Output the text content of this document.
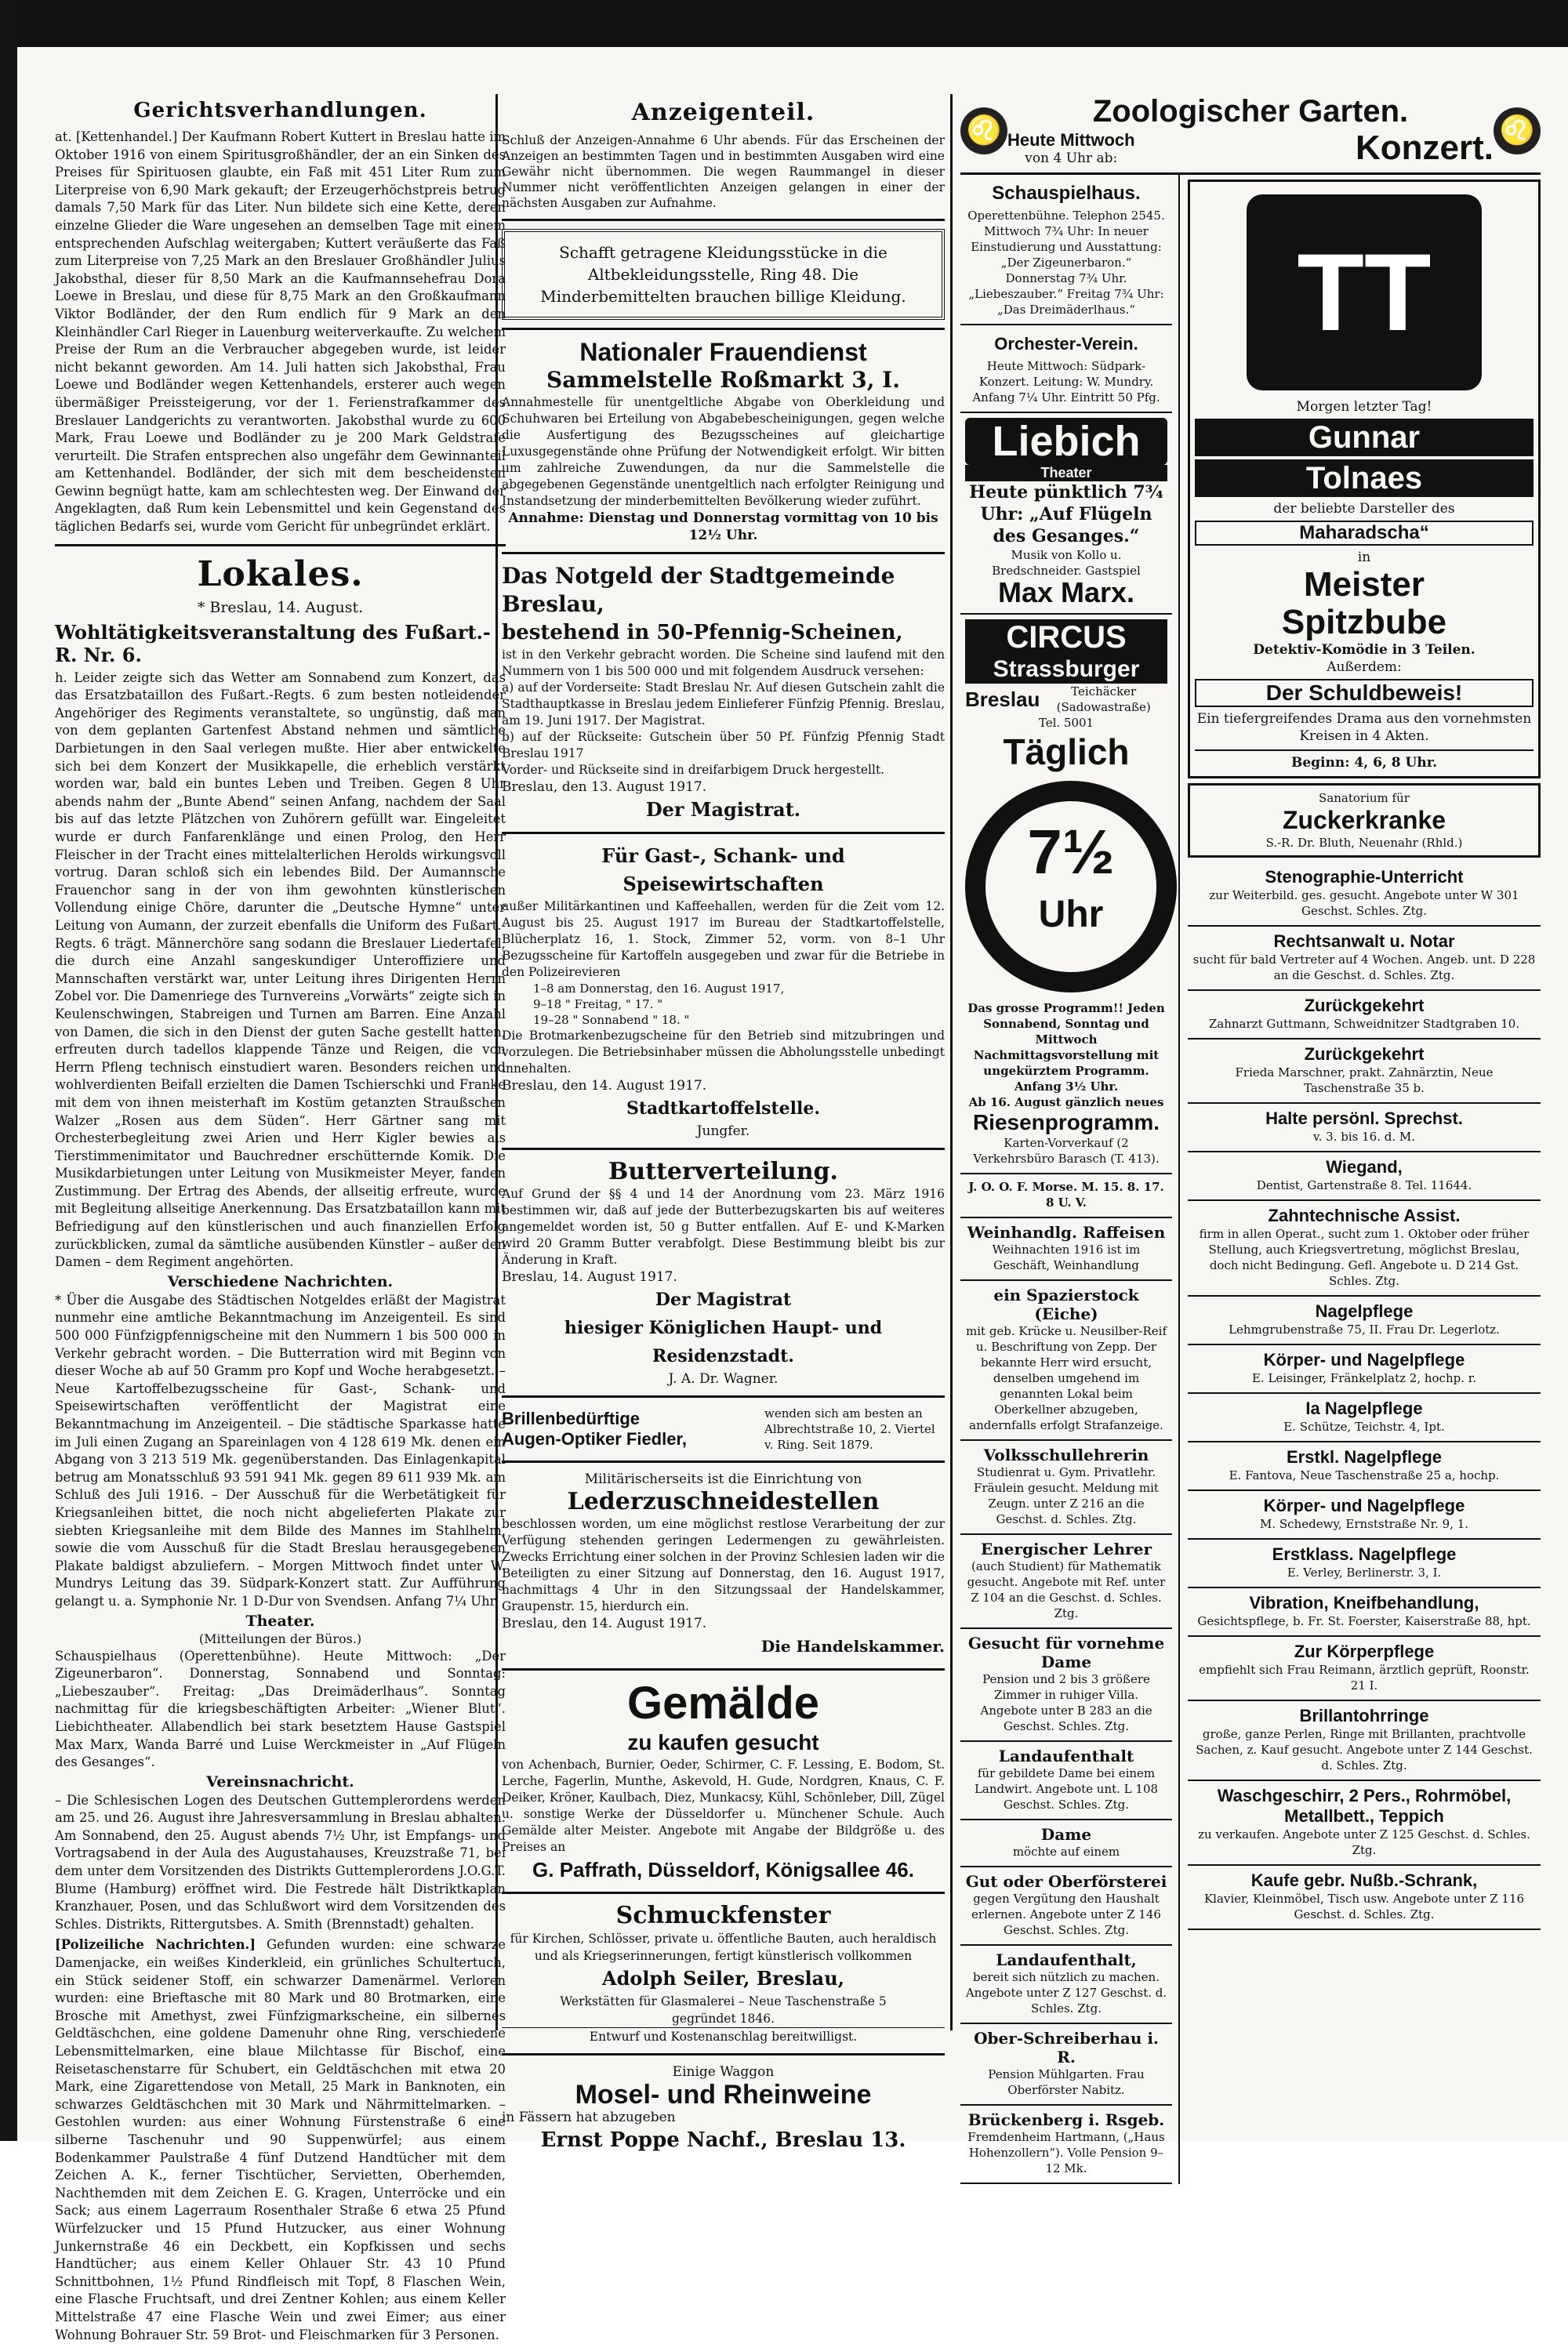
Gerichtsverhandlungen.

at. [Kettenhandel.] Der Kaufmann Robert Kuttert in Breslau hatte im Oktober 1916 von einem Spiritusgroßhändler, der an ein Sinken des Preises für Spirituosen glaubte, ein Faß mit 451 Liter Rum zum Literpreise von 6,90 Mark gekauft; der Erzeugerhöchstpreis betrug damals 7,50 Mark für das Liter. Nun bildete sich eine Kette, deren einzelne Glieder die Ware ungesehen an demselben Tage mit einem entsprechenden Aufschlag weitergaben; Kuttert veräußerte das Faß zum Literpreise von 7,25 Mark an den Breslauer Großhändler Julius Jakobsthal, dieser für 8,50 Mark an die Kaufmannsehefrau Dora Loewe in Breslau, und diese für 8,75 Mark an den Großkaufmann Viktor Bodländer, der den Rum endlich für 9 Mark an den Kleinhändler Carl Rieger in Lauenburg weiterverkaufte. Zu welchem Preise der Rum an die Verbraucher abgegeben wurde, ist leider nicht bekannt geworden. Am 14. Juli hatten sich Jakobsthal, Frau Loewe und Bodländer wegen Kettenhandels, ersterer auch wegen übermäßiger Preissteigerung, vor der 1. Ferienstrafkammer des Breslauer Landgerichts zu verantworten. Jakobsthal wurde zu 600 Mark, Frau Loewe und Bodländer zu je 200 Mark Geldstrafe verurteilt. Die Strafen entsprechen also ungefähr dem Gewinnanteil am Kettenhandel. Bodländer, der sich mit dem bescheidensten Gewinn begnügt hatte, kam am schlechtesten weg. Der Einwand der Angeklagten, daß Rum kein Lebensmittel und kein Gegenstand des täglichen Bedarfs sei, wurde vom Gericht für unbegründet erklärt.

Lokales.
* Breslau, 14. August.
Wohltätigkeitsveranstaltung des Fußart.-R. Nr. 6.

h. Leider zeigte sich das Wetter am Sonnabend zum Konzert, das das Ersatzbataillon des Fußart.-Regts. 6 zum besten notleidender Angehöriger des Regiments veranstaltete, so ungünstig, daß man von dem geplanten Gartenfest Abstand nehmen und sämtliche Darbietungen in den Saal verlegen mußte. Hier aber entwickelte sich bei dem Konzert der Musikkapelle, die erheblich verstärkt worden war, bald ein buntes Leben und Treiben. Gegen 8 Uhr abends nahm der „Bunte Abend“ seinen Anfang, nachdem der Saal bis auf das letzte Plätzchen von Zuhörern gefüllt war. Eingeleitet wurde er durch Fanfarenklänge und einen Prolog, den Herr Fleischer in der Tracht eines mittelalterlichen Herolds wirkungsvoll vortrug. Daran schloß sich ein lebendes Bild. Der Aumannsche Frauenchor sang in der von ihm gewohnten künstlerischen Vollendung einige Chöre, darunter die „Deutsche Hymne“ unter Leitung von Aumann, der zurzeit ebenfalls die Uniform des Fußart.-Regts. 6 trägt. Männerchöre sang sodann die Breslauer Liedertafel, die durch eine Anzahl sangeskundiger Unteroffiziere und Mannschaften verstärkt war, unter Leitung ihres Dirigenten Herrn Zobel vor. Die Damenriege des Turnvereins „Vorwärts“ zeigte sich in Keulenschwingen, Stabreigen und Turnen am Barren. Eine Anzahl von Damen, die sich in den Dienst der guten Sache gestellt hatten, erfreuten durch tadellos klappende Tänze und Reigen, die von Herrn Pfleng technisch einstudiert waren. Besonders reichen und wohlverdienten Beifall erzielten die Damen Tschierschki und Franke mit dem von ihnen meisterhaft im Kostüm getanzten Straußschen Walzer „Rosen aus dem Süden“. Herr Gärtner sang mit Orchesterbegleitung zwei Arien und Herr Kigler bewies als Tierstimmenimitator und Bauchredner erschütternde Komik. Die Musikdarbietungen unter Leitung von Musikmeister Meyer, fanden Zustimmung. Der Ertrag des Abends, der allseitig erfreute, wurde mit Begleitung allseitige Anerkennung. Das Ersatzbataillon kann mit Befriedigung auf den künstlerischen und auch finanziellen Erfolg zurückblicken, zumal da sämtliche ausübenden Künstler – außer den Damen – dem Regiment angehörten.

Verschiedene Nachrichten.

* Über die Ausgabe des Städtischen Notgeldes erläßt der Magistrat nunmehr eine amtliche Bekanntmachung im Anzeigenteil. Es sind 500 000 Fünfzigpfennigscheine mit den Nummern 1 bis 500 000 in Verkehr gebracht worden. – Die Butterration wird mit Beginn von dieser Woche ab auf 50 Gramm pro Kopf und Woche herabgesetzt. – Neue Kartoffelbezugsscheine für Gast-, Schank- und Speisewirtschaften veröffentlicht der Magistrat eine Bekanntmachung im Anzeigenteil. – Die städtische Sparkasse hatte im Juli einen Zugang an Spareinlagen von 4 128 619 Mk. denen ein Abgang von 3 213 519 Mk. gegenüberstanden. Das Einlagenkapital betrug am Monatsschluß 93 591 941 Mk. gegen 89 611 939 Mk. am Schluß des Juli 1916. – Der Ausschuß für die Werbetätigkeit für Kriegsanleihen bittet, die noch nicht abgelieferten Plakate zur siebten Kriegsanleihe mit dem Bilde des Mannes im Stahlhelm, sowie die vom Ausschuß für die Stadt Breslau herausgegebenen Plakate baldigst abzuliefern. – Morgen Mittwoch findet unter W. Mundrys Leitung das 39. Südpark-Konzert statt. Zur Aufführung gelangt u. a. Symphonie Nr. 1 D-Dur von Svendsen. Anfang 7¼ Uhr.

Theater.
(Mitteilungen der Büros.)

Schauspielhaus (Operettenbühne). Heute Mittwoch: „Der Zigeunerbaron“. Donnerstag, Sonnabend und Sonntag: „Liebeszauber“. Freitag: „Das Dreimäderlhaus“. Sonntag nachmittag für die kriegsbeschäftigten Arbeiter: „Wiener Blut“. Liebichtheater. Allabendlich bei stark besetztem Hause Gastspiel Max Marx, Wanda Barré und Luise Werckmeister in „Auf Flügeln des Gesanges“.

Vereinsnachricht.

– Die Schlesischen Logen des Deutschen Guttemplerordens werden am 25. und 26. August ihre Jahresversammlung in Breslau abhalten. Am Sonnabend, den 25. August abends 7½ Uhr, ist Empfangs- und Vortragsabend in der Aula des Augustahauses, Kreuzstraße 71, bei dem unter dem Vorsitzenden des Distrikts Guttemplerordens J.O.G.T. Blume (Hamburg) eröffnet wird. Die Festrede hält Distriktkaplan Kranzhauer, Posen, und das Schlußwort wird dem Vorsitzenden des Schles. Distrikts, Rittergutsbes. A. Smith (Brennstadt) gehalten.

[Polizeiliche Nachrichten.] Gefunden wurden: eine schwarze Damenjacke, ein weißes Kinderkleid, ein grünliches Schultertuch, ein Stück seidener Stoff, ein schwarzer Damenärmel. Verloren wurden: eine Brieftasche mit 80 Mark und 80 Brotmarken, eine Brosche mit Amethyst, zwei Fünfzigmarkscheine, ein silbernes Geldtäschchen, eine goldene Damenuhr ohne Ring, verschiedene Lebensmittelmarken, eine blaue Milchtasse für Bischof, eine Reisetaschenstarre für Schubert, ein Geldtäschchen mit etwa 20 Mark, eine Zigarettendose von Metall, 25 Mark in Banknoten, ein schwarzes Geldtäschchen mit 30 Mark und Nährmittelmarken. – Gestohlen wurden: aus einer Wohnung Fürstenstraße 6 eine silberne Taschenuhr und 90 Suppenwürfel; aus einem Bodenkammer Paulstraße 4 fünf Dutzend Handtücher mit dem Zeichen A. K., ferner Tischtücher, Servietten, Oberhemden, Nachthemden mit dem Zeichen E. G. Kragen, Unterröcke und ein Sack; aus einem Lagerraum Rosenthaler Straße 6 etwa 25 Pfund Würfelzucker und 15 Pfund Hutzucker, aus einer Wohnung Junkernstraße 46 ein Deckbett, ein Kopfkissen und sechs Handtücher; aus einem Keller Ohlauer Str. 43 10 Pfund Schnittbohnen, 1½ Pfund Rindfleisch mit Topf, 8 Flaschen Wein, eine Flasche Fruchtsaft, und drei Zentner Kohlen; aus einem Keller Mittelstraße 47 eine Flasche Wein und zwei Eimer; aus einer Wohnung Bohrauer Str. 59 Brot- und Fleischmarken für 3 Personen.

Anzeigenteil.

Schluß der Anzeigen-Annahme 6 Uhr abends. Für das Erscheinen der Anzeigen an bestimmten Tagen und in bestimmten Ausgaben wird eine Gewähr nicht übernommen. Die wegen Raummangel in dieser Nummer nicht veröffentlichten Anzeigen gelangen in einer der nächsten Ausgaben zur Aufnahme.

Schafft getragene Kleidungsstücke in die Altbekleidungsstelle, Ring 48. Die Minderbemittelten brauchen billige Kleidung.
Nationaler Frauendienst
Sammelstelle Roßmarkt 3, I.

Annahmestelle für unentgeltliche Abgabe von Oberkleidung und Schuhwaren bei Erteilung von Abgabebescheinigungen, gegen welche die Ausfertigung des Bezugsscheines auf gleichartige Luxusgegenstände ohne Prüfung der Notwendigkeit erfolgt. Wir bitten um zahlreiche Zuwendungen, da nur die Sammelstelle die abgegebenen Gegenstände unentgeltlich nach erfolgter Reinigung und Instandsetzung der minderbemittelten Bevölkerung wieder zuführt.

Annahme: Dienstag und Donnerstag vormittag von 10 bis 12½ Uhr.
Das Notgeld der Stadtgemeinde Breslau,
bestehend in 50-Pfennig-Scheinen,

ist in den Verkehr gebracht worden. Die Scheine sind laufend mit den Nummern von 1 bis 500 000 und mit folgendem Ausdruck versehen:

a) auf der Vorderseite: Stadt Breslau Nr. Auf diesen Gutschein zahlt die Stadthauptkasse in Breslau jedem Einlieferer Fünfzig Pfennig. Breslau, am 19. Juni 1917. Der Magistrat.

b) auf der Rückseite: Gutschein über 50 Pf. Fünfzig Pfennig Stadt Breslau 1917

Vorder- und Rückseite sind in dreifarbigem Druck hergestellt.

Breslau, den 13. August 1917.
Der Magistrat.
Für Gast-, Schank- und Speisewirtschaften

außer Militärkantinen und Kaffeehallen, werden für die Zeit vom 12. August bis 25. August 1917 im Bureau der Stadtkartoffelstelle, Blücherplatz 16, 1. Stock, Zimmer 52, vorm. von 8–1 Uhr Bezugsscheine für Kartoffeln ausgegeben und zwar für die Betriebe in den Polizeirevieren

1–8 am Donnerstag, den 16. August 1917,
9–18 " Freitag, " 17. "
19–28 " Sonnabend " 18. "

Die Brotmarkenbezugscheine für den Betrieb sind mitzubringen und vorzulegen. Die Betriebsinhaber müssen die Abholungsstelle unbedingt innehalten.

Breslau, den 14. August 1917.
Stadtkartoffelstelle.
Jungfer.
Butterverteilung.

Auf Grund der §§ 4 und 14 der Anordnung vom 23. März 1916 bestimmen wir, daß auf jede der Butterbezugskarten bis auf weiteres angemeldet worden ist, 50 g Butter entfallen. Auf E- und K-Marken wird 20 Gramm Butter verabfolgt. Diese Bestimmung bleibt bis zur Änderung in Kraft.

Breslau, 14. August 1917.
Der Magistrat
hiesiger Königlichen Haupt- und Residenzstadt.
J. A. Dr. Wagner.
Brillenbedürftige
Augen-Optiker Fiedler,
wenden sich am besten an Albrechtstraße 10, 2. Viertel v. Ring. Seit 1879.
Militärischerseits ist die Einrichtung von
Lederzuschneidestellen

beschlossen worden, um eine möglichst restlose Verarbeitung der zur Verfügung stehenden geringen Ledermengen zu gewährleisten. Zwecks Errichtung einer solchen in der Provinz Schlesien laden wir die Beteiligten zu einer Sitzung auf Donnerstag, den 16. August 1917, nachmittags 4 Uhr in den Sitzungssaal der Handelskammer, Graupenstr. 15, hierdurch ein.

Breslau, den 14. August 1917.
Die Handelskammer.
Gemälde
zu kaufen gesucht

von Achenbach, Burnier, Oeder, Schirmer, C. F. Lessing, E. Bodom, St. Lerche, Fagerlin, Munthe, Askevold, H. Gude, Nordgren, Knaus, C. F. Deiker, Kröner, Kaulbach, Diez, Munkacsy, Kühl, Schönleber, Dill, Zügel u. sonstige Werke der Düsseldorfer u. Münchener Schule. Auch Gemälde alter Meister. Angebote mit Angabe der Bildgröße u. des Preises an

G. Paffrath, Düsseldorf, Königsallee 46.
Schmuckfenster
für Kirchen, Schlösser, private u. öffentliche Bauten, auch heraldisch und als Kriegserinnerungen, fertigt künstlerisch vollkommen
Adolph Seiler, Breslau,
Werkstätten für Glasmalerei – Neue Taschenstraße 5
gegründet 1846.
Entwurf und Kostenanschlag bereitwilligst.
Einige Waggon
Mosel- und Rheinweine
in Fässern hat abzugeben
Ernst Poppe Nachf., Breslau 13.
♌
Zoologischer Garten.
Heute Mittwoch
von 4 Uhr ab:	Konzert. ♌
Schauspielhaus.
Operettenbühne. Telephon 2545.
Mittwoch 7¾ Uhr: In neuer Einstudierung und Ausstattung: „Der Zigeunerbaron.“ Donnerstag 7¾ Uhr. „Liebeszauber.“ Freitag 7¾ Uhr: „Das Dreimäderlhaus.“
Orchester-Verein.
Heute Mittwoch: Südpark-Konzert. Leitung: W. Mundry. Anfang 7¼ Uhr. Eintritt 50 Pfg.
Liebich
Theater
Heute pünktlich 7¾ Uhr: „Auf Flügeln des Gesanges.“
Musik von Kollo u. Bredschneider. Gastspiel
Max Marx.
CIRCUS
Strassburger
Breslau	Teichäcker (Sadowastraße)
Tel. 5001
Täglich
7½
Uhr
Das grosse Programm!! Jeden Sonnabend, Sonntag und Mittwoch Nachmittagsvorstellung mit ungekürztem Programm. Anfang 3½ Uhr.
Ab 16. August gänzlich neues
Riesenprogramm.
Karten-Vorverkauf (2 Verkehrsbüro Barasch (T. 413).
J. O. O. F. Morse. M. 15. 8. 17. 8 U. V.
Weinhandlg. Raffeisen
Weihnachten 1916 ist im Geschäft, Weinhandlung
ein Spazierstock (Eiche)
mit geb. Krücke u. Neusilber-Reif u. Beschriftung von Zepp. Der bekannte Herr wird ersucht, denselben umgehend im genannten Lokal beim Oberkellner abzugeben, andernfalls erfolgt Strafanzeige.
Volksschullehrerin
Studienrat u. Gym. Privatlehr. Fräulein gesucht. Meldung mit Zeugn. unter Z 216 an die Geschst. d. Schles. Ztg.
Energischer Lehrer
(auch Studient) für Mathematik gesucht. Angebote mit Ref. unter Z 104 an die Geschst. d. Schles. Ztg.
Gesucht für vornehme Dame
Pension und 2 bis 3 größere Zimmer in ruhiger Villa. Angebote unter B 283 an die Geschst. Schles. Ztg.
Landaufenthalt
für gebildete Dame bei einem Landwirt. Angebote unt. L 108 Geschst. Schles. Ztg.
Dame
möchte auf einem
Gut oder Oberförsterei
gegen Vergütung den Haushalt erlernen. Angebote unter Z 146 Geschst. Schles. Ztg.
Landaufenthalt,
bereit sich nützlich zu machen. Angebote unter Z 127 Geschst. d. Schles. Ztg.
Ober-Schreiberhau i. R.
Pension Mühlgarten. Frau Oberförster Nabitz.
Brückenberg i. Rsgeb.
Fremdenheim Hartmann, („Haus Hohenzollern“). Volle Pension 9–12 Mk.
TT
Morgen letzter Tag!
Gunnar
Tolnaes
der beliebte Darsteller des
Maharadscha“
in
Meister
Spitzbube
Detektiv-Komödie in 3 Teilen.
Außerdem:
Der Schuldbeweis!
Ein tiefergreifendes Drama aus den vornehmsten Kreisen in 4 Akten.
Beginn: 4, 6, 8 Uhr.
Sanatorium für
Zuckerkranke
S.-R. Dr. Bluth, Neuenahr (Rhld.)
Stenographie-Unterricht
zur Weiterbild. ges. gesucht. Angebote unter W 301 Geschst. Schles. Ztg.
Rechtsanwalt u. Notar
sucht für bald Vertreter auf 4 Wochen. Angeb. unt. D 228 an die Geschst. d. Schles. Ztg.
Zurückgekehrt
Zahnarzt Guttmann, Schweidnitzer Stadtgraben 10.
Zurückgekehrt
Frieda Marschner, prakt. Zahnärztin, Neue Taschenstraße 35 b.
Halte persönl. Sprechst.
v. 3. bis 16. d. M.
Wiegand,
Dentist, Gartenstraße 8. Tel. 11644.
Zahntechnische Assist.
firm in allen Operat., sucht zum 1. Oktober oder früher Stellung, auch Kriegsvertretung, möglichst Breslau, doch nicht Bedingung. Gefl. Angebote u. D 214 Gst. Schles. Ztg.
Nagelpflege
Lehmgrubenstraße 75, II. Frau Dr. Legerlotz.
Körper- und Nagelpflege
E. Leisinger, Fränkelplatz 2, hochp. r.
Ia Nagelpflege
E. Schütze, Teichstr. 4, Ipt.
Erstkl. Nagelpflege
E. Fantova, Neue Taschenstraße 25 a, hochp.
Körper- und Nagelpflege
M. Schedewy, Ernststraße Nr. 9, 1.
Erstklass. Nagelpflege
E. Verley, Berlinerstr. 3, I.
Vibration, Kneifbehandlung,
Gesichtspflege, b. Fr. St. Foerster, Kaiserstraße 88, hpt.
Zur Körperpflege
empfiehlt sich Frau Reimann, ärztlich geprüft, Roonstr. 21 I.
Brillantohrringe
große, ganze Perlen, Ringe mit Brillanten, prachtvolle Sachen, z. Kauf gesucht. Angebote unter Z 144 Geschst. d. Schles. Ztg.
Waschgeschirr, 2 Pers., Rohrmöbel, Metallbett., Teppich
zu verkaufen. Angebote unter Z 125 Geschst. d. Schles. Ztg.
Kaufe gebr. Nußb.-Schrank,
Klavier, Kleinmöbel, Tisch usw. Angebote unter Z 116 Geschst. d. Schles. Ztg.
